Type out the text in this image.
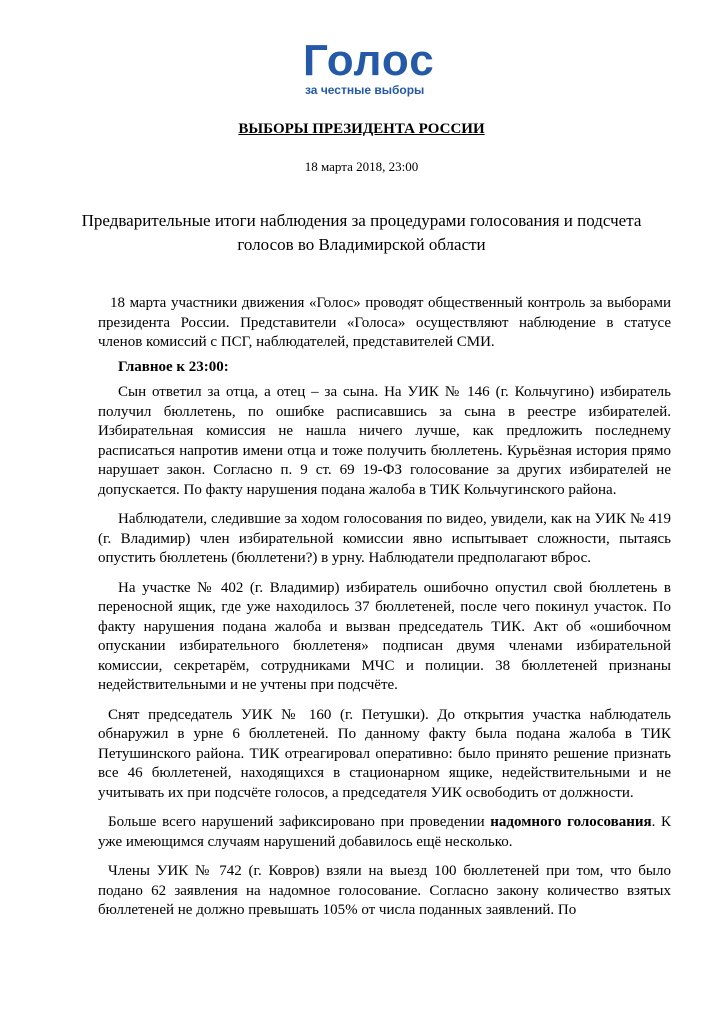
Голос
за честные выборы
ВЫБОРЫ ПРЕЗИДЕНТА РОССИИ
18 марта 2018, 23:00
Предварительные итоги наблюдения за процедурами голосования и подсчета голосов во Владимирской области

18 марта участники движения «Голос» проводят общественный контроль за выборами президента России. Представители «Голоса» осуществляют наблюдение в статусе членов комиссий с ПСГ, наблюдателей, представителей СМИ.

Главное к 23:00:

Сын ответил за отца, а отец – за сына. На УИК № 146 (г. Кольчугино) избиратель получил бюллетень, по ошибке расписавшись за сына в реестре избирателей. Избирательная комиссия не нашла ничего лучше, как предложить последнему расписаться напротив имени отца и тоже получить бюллетень. Курьёзная история прямо нарушает закон. Согласно п. 9 ст. 69 19-ФЗ голосование за других избирателей не допускается. По факту нарушения подана жалоба в ТИК Кольчугинского района.

Наблюдатели, следившие за ходом голосования по видео, увидели, как на УИК № 419 (г. Владимир) член избирательной комиссии явно испытывает сложности, пытаясь опустить бюллетень (бюллетени?) в урну. Наблюдатели предполагают вброс.

На участке № 402 (г. Владимир) избиратель ошибочно опустил свой бюллетень в переносной ящик, где уже находилось 37 бюллетеней, после чего покинул участок. По факту нарушения подана жалоба и вызван председатель ТИК. Акт об «ошибочном опускании избирательного бюллетеня» подписан двумя членами избирательной комиссии, секретарём, сотрудниками МЧС и полиции. 38 бюллетеней признаны недействительными и не учтены при подсчёте.

Снят председатель УИК № 160 (г. Петушки). До открытия участка наблюдатель обнаружил в урне 6 бюллетеней. По данному факту была подана жалоба в ТИК Петушинского района. ТИК отреагировал оперативно: было принято решение признать все 46 бюллетеней, находящихся в стационарном ящике, недействительными и не учитывать их при подсчёте голосов, а председателя УИК освободить от должности.

Больше всего нарушений зафиксировано при проведении надомного голосования. К уже имеющимся случаям нарушений добавилось ещё несколько.

Члены УИК № 742 (г. Ковров) взяли на выезд 100 бюллетеней при том, что было подано 62 заявления на надомное голосование. Согласно закону количество взятых бюллетеней не должно превышать 105% от числа поданных заявлений. По
